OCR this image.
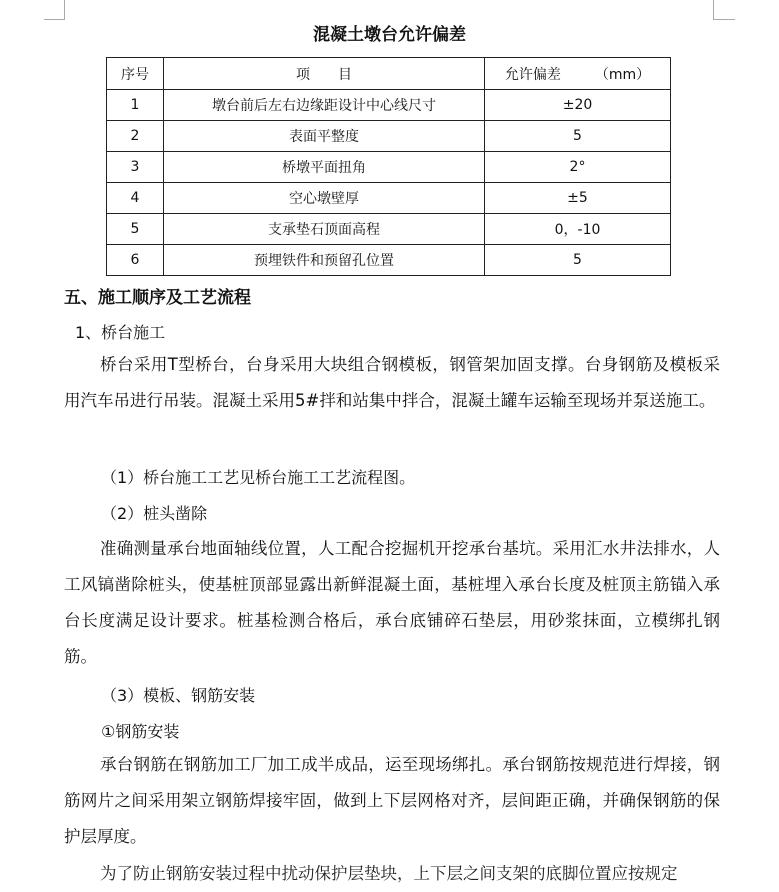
混凝土墩台允许偏差
序号	项　　目	允许偏差 （mm）
1	墩台前后左右边缘距设计中心线尺寸	±20
2	表面平整度	5
3	桥墩平面扭角	2°
4	空心墩壁厚	±5
5	支承垫石顶面高程	0，-10
6	预埋铁件和预留孔位置	5
五、施工顺序及工艺流程
1、桥台施工
桥台采用T型桥台，台身采用大块组合钢模板，钢管架加固支撑。台身钢筋及模板采用汽车吊进行吊装。混凝土采用5#拌和站集中拌合，混凝土罐车运输至现场并泵送施工。
（1）桥台施工工艺见桥台施工工艺流程图。
（2）桩头凿除
准确测量承台地面轴线位置，人工配合挖掘机开挖承台基坑。采用汇水井法排水，人工风镐凿除桩头，使基桩顶部显露出新鲜混凝土面，基桩埋入承台长度及桩顶主筋锚入承台长度满足设计要求。桩基检测合格后，承台底铺碎石垫层，用砂浆抹面，立模绑扎钢筋。
（3）模板、钢筋安装
①钢筋安装
承台钢筋在钢筋加工厂加工成半成品，运至现场绑扎。承台钢筋按规范进行焊接，钢筋网片之间采用架立钢筋焊接牢固，做到上下层网格对齐，层间距正确，并确保钢筋的保护层厚度。
为了防止钢筋安装过程中扰动保护层垫块，上下层之间支架的底脚位置应按规定
